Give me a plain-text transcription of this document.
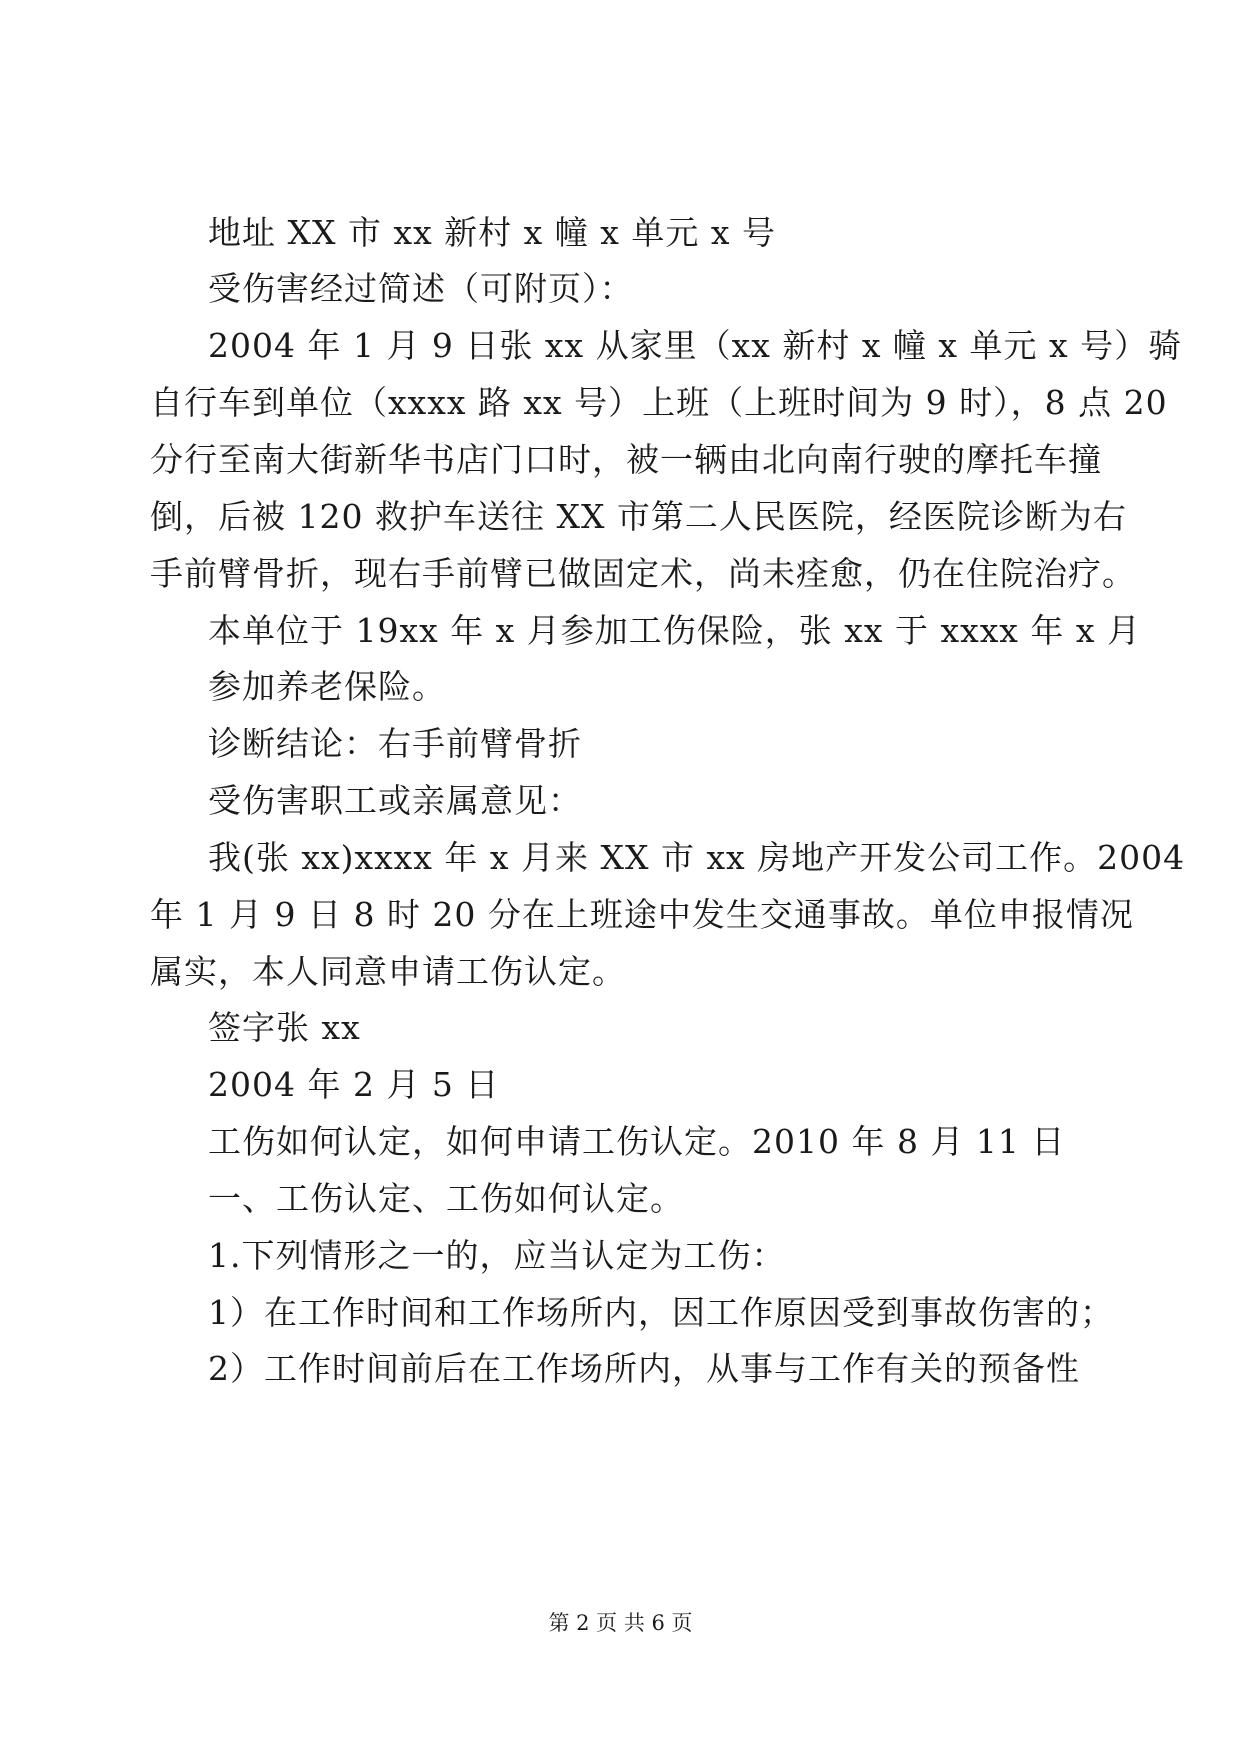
地址 XX 市 xx 新村 x 幢 x 单元 x 号
受伤害经过简述（可附页）：
2004 年 1 月 9 日张 xx 从家里（xx 新村 x 幢 x 单元 x 号）骑
自行车到单位（xxxx 路 xx 号）上班（上班时间为 9 时），8 点 20
分行至南大街新华书店门口时，被一辆由北向南行驶的摩托车撞
倒，后被 120 救护车送往 XX 市第二人民医院，经医院诊断为右
手前臂骨折，现右手前臂已做固定术，尚未痊愈，仍在住院治疗。
本单位于 19xx 年 x 月参加工伤保险，张 xx 于 xxxx 年 x 月
参加养老保险。
诊断结论：右手前臂骨折
受伤害职工或亲属意见：
我(张 xx)xxxx 年 x 月来 XX 市 xx 房地产开发公司工作。2004
年 1 月 9 日 8 时 20 分在上班途中发生交通事故。单位申报情况
属实，本人同意申请工伤认定。
签字张 xx
2004 年 2 月 5 日
工伤如何认定，如何申请工伤认定。2010 年 8 月 11 日
一、工伤认定、工伤如何认定。
1.下列情形之一的，应当认定为工伤：
1）在工作时间和工作场所内，因工作原因受到事故伤害的；
2）工作时间前后在工作场所内，从事与工作有关的预备性
第 2 页 共 6 页
